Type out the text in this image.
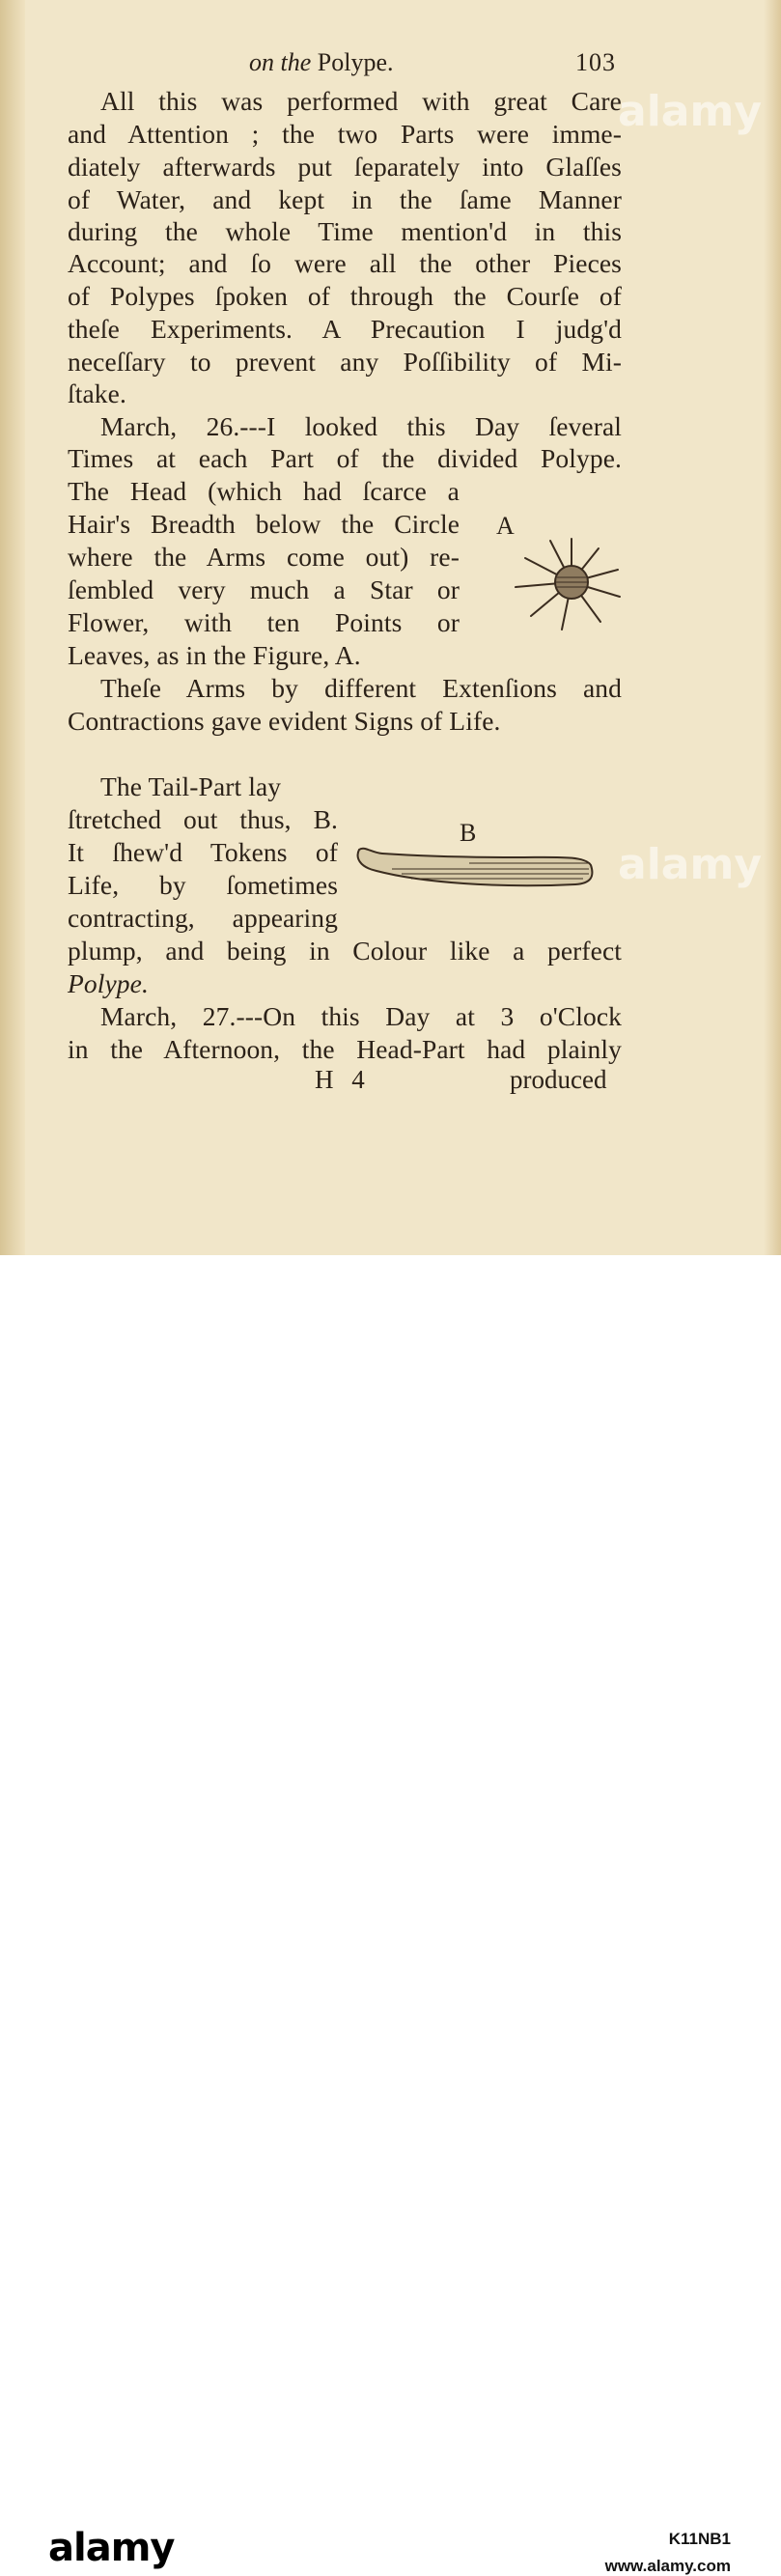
on the Polype.	103
All this was performed with great Care
and Attention ; the two Parts were imme-
diately afterwards put ſeparately into Glaſſes
of Water, and kept in the ſame Manner
during the whole Time mention'd in this
Account; and ſo were all the other Pieces
of Polypes ſpoken of through the Courſe of
theſe Experiments. A Precaution I judg'd
neceſſary to prevent any Poſſibility of Mi-
ſtake.
March, 26.---I looked this Day ſeveral
Times at each Part of the divided Polype.
The Head (which had ſcarce a
Hair's Breadth below the Circle
where the Arms come out) re-
ſembled very much a Star or
Flower, with ten Points or
Leaves, as in the Figure, A.
Theſe Arms by different Extenſions and
Contractions gave evident Signs of Life.
The Tail-Part lay
ſtretched out thus, B.
It ſhew'd Tokens of
Life, by ſometimes
contracting, appearing
plump, and being in Colour like a perfect
Polype.
March, 27.---On this Day at 3 o'Clock
in the Afternoon, the Head-Part had plainly
H 4	produced
A
B
alamy
alamy
alamy	K11NB1
www.alamy.com
